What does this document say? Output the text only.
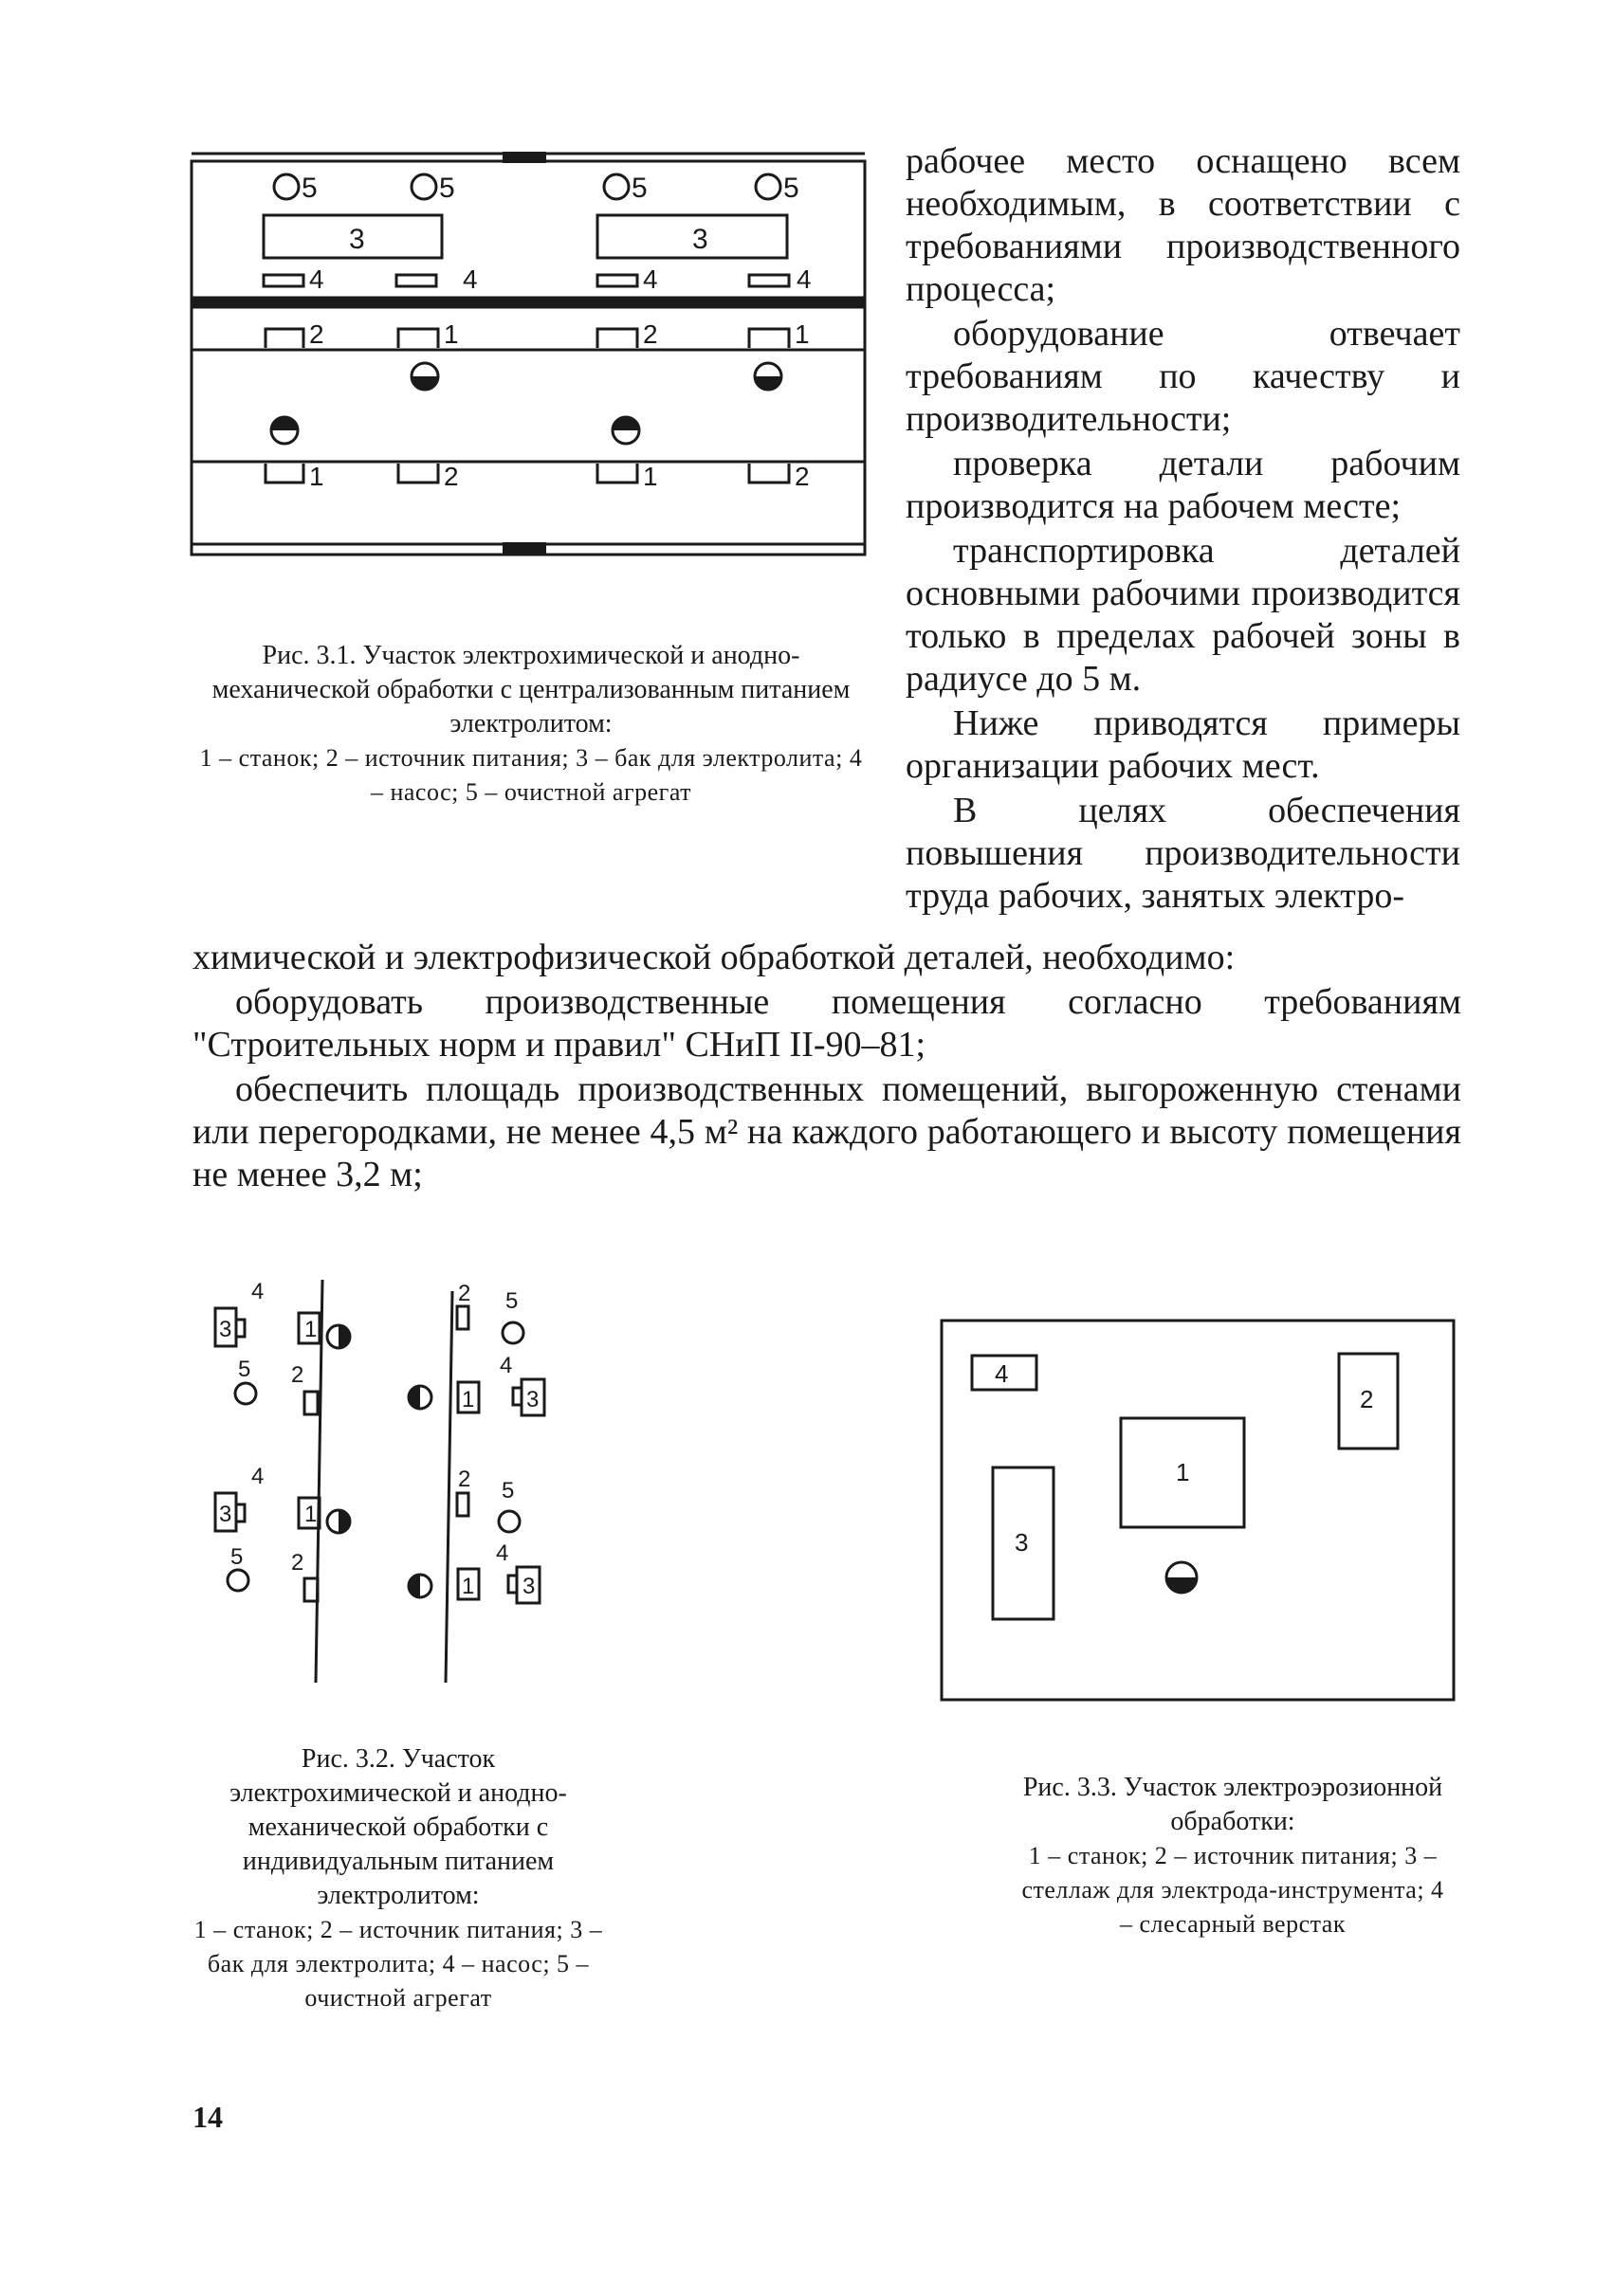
5	5	5	5
3	3
4	4	4	4
2	1	2	1
1	2	1	2
Рис. 3.1. Участок электрохимической и анодно-механической обработки с централизованным питанием электролитом:
1 – станок; 2 – источник питания; 3 – бак для электролита; 4 – насос; 5 – очистной агрегат

рабочее место оснащено всем необходимым, в соответствии с требованиями производственного процесса;

оборудование отвечает требованиям по качеству и производительности;

проверка детали рабочим производится на рабочем месте;

транспортировка деталей основными рабочими производится только в пределах рабочей зоны в радиусе до 5 м.

Ниже приводятся примеры организации рабочих мест.

В целях обеспечения повышения производительности труда рабочих, занятых электро-

химической и электрофизической обработкой деталей, необходимо:

оборудовать производственные помещения согласно требованиям "Строительных норм и правил" СНиП II-90–81;

обеспечить площадь производственных помещений, выгороженную стенами или перегородками, не менее 4,5 м² на каждого работающего и высоту помещения не менее 3,2 м;

3	1
4
5 2
3	1
4
5 2
2 5
1 3
4
2 5
1 3
4
Рис. 3.2. Участок электрохимической и анодно-механической обработки с индивидуальным питанием электролитом:
1 – станок; 2 – источник питания; 3 – бак для электролита; 4 – насос; 5 – очистной агрегат
4
2
1
3
Рис. 3.3. Участок электроэрозионной обработки:
1 – станок; 2 – источник питания; 3 – стеллаж для электрода-инструмента; 4 – слесарный верстак
14
